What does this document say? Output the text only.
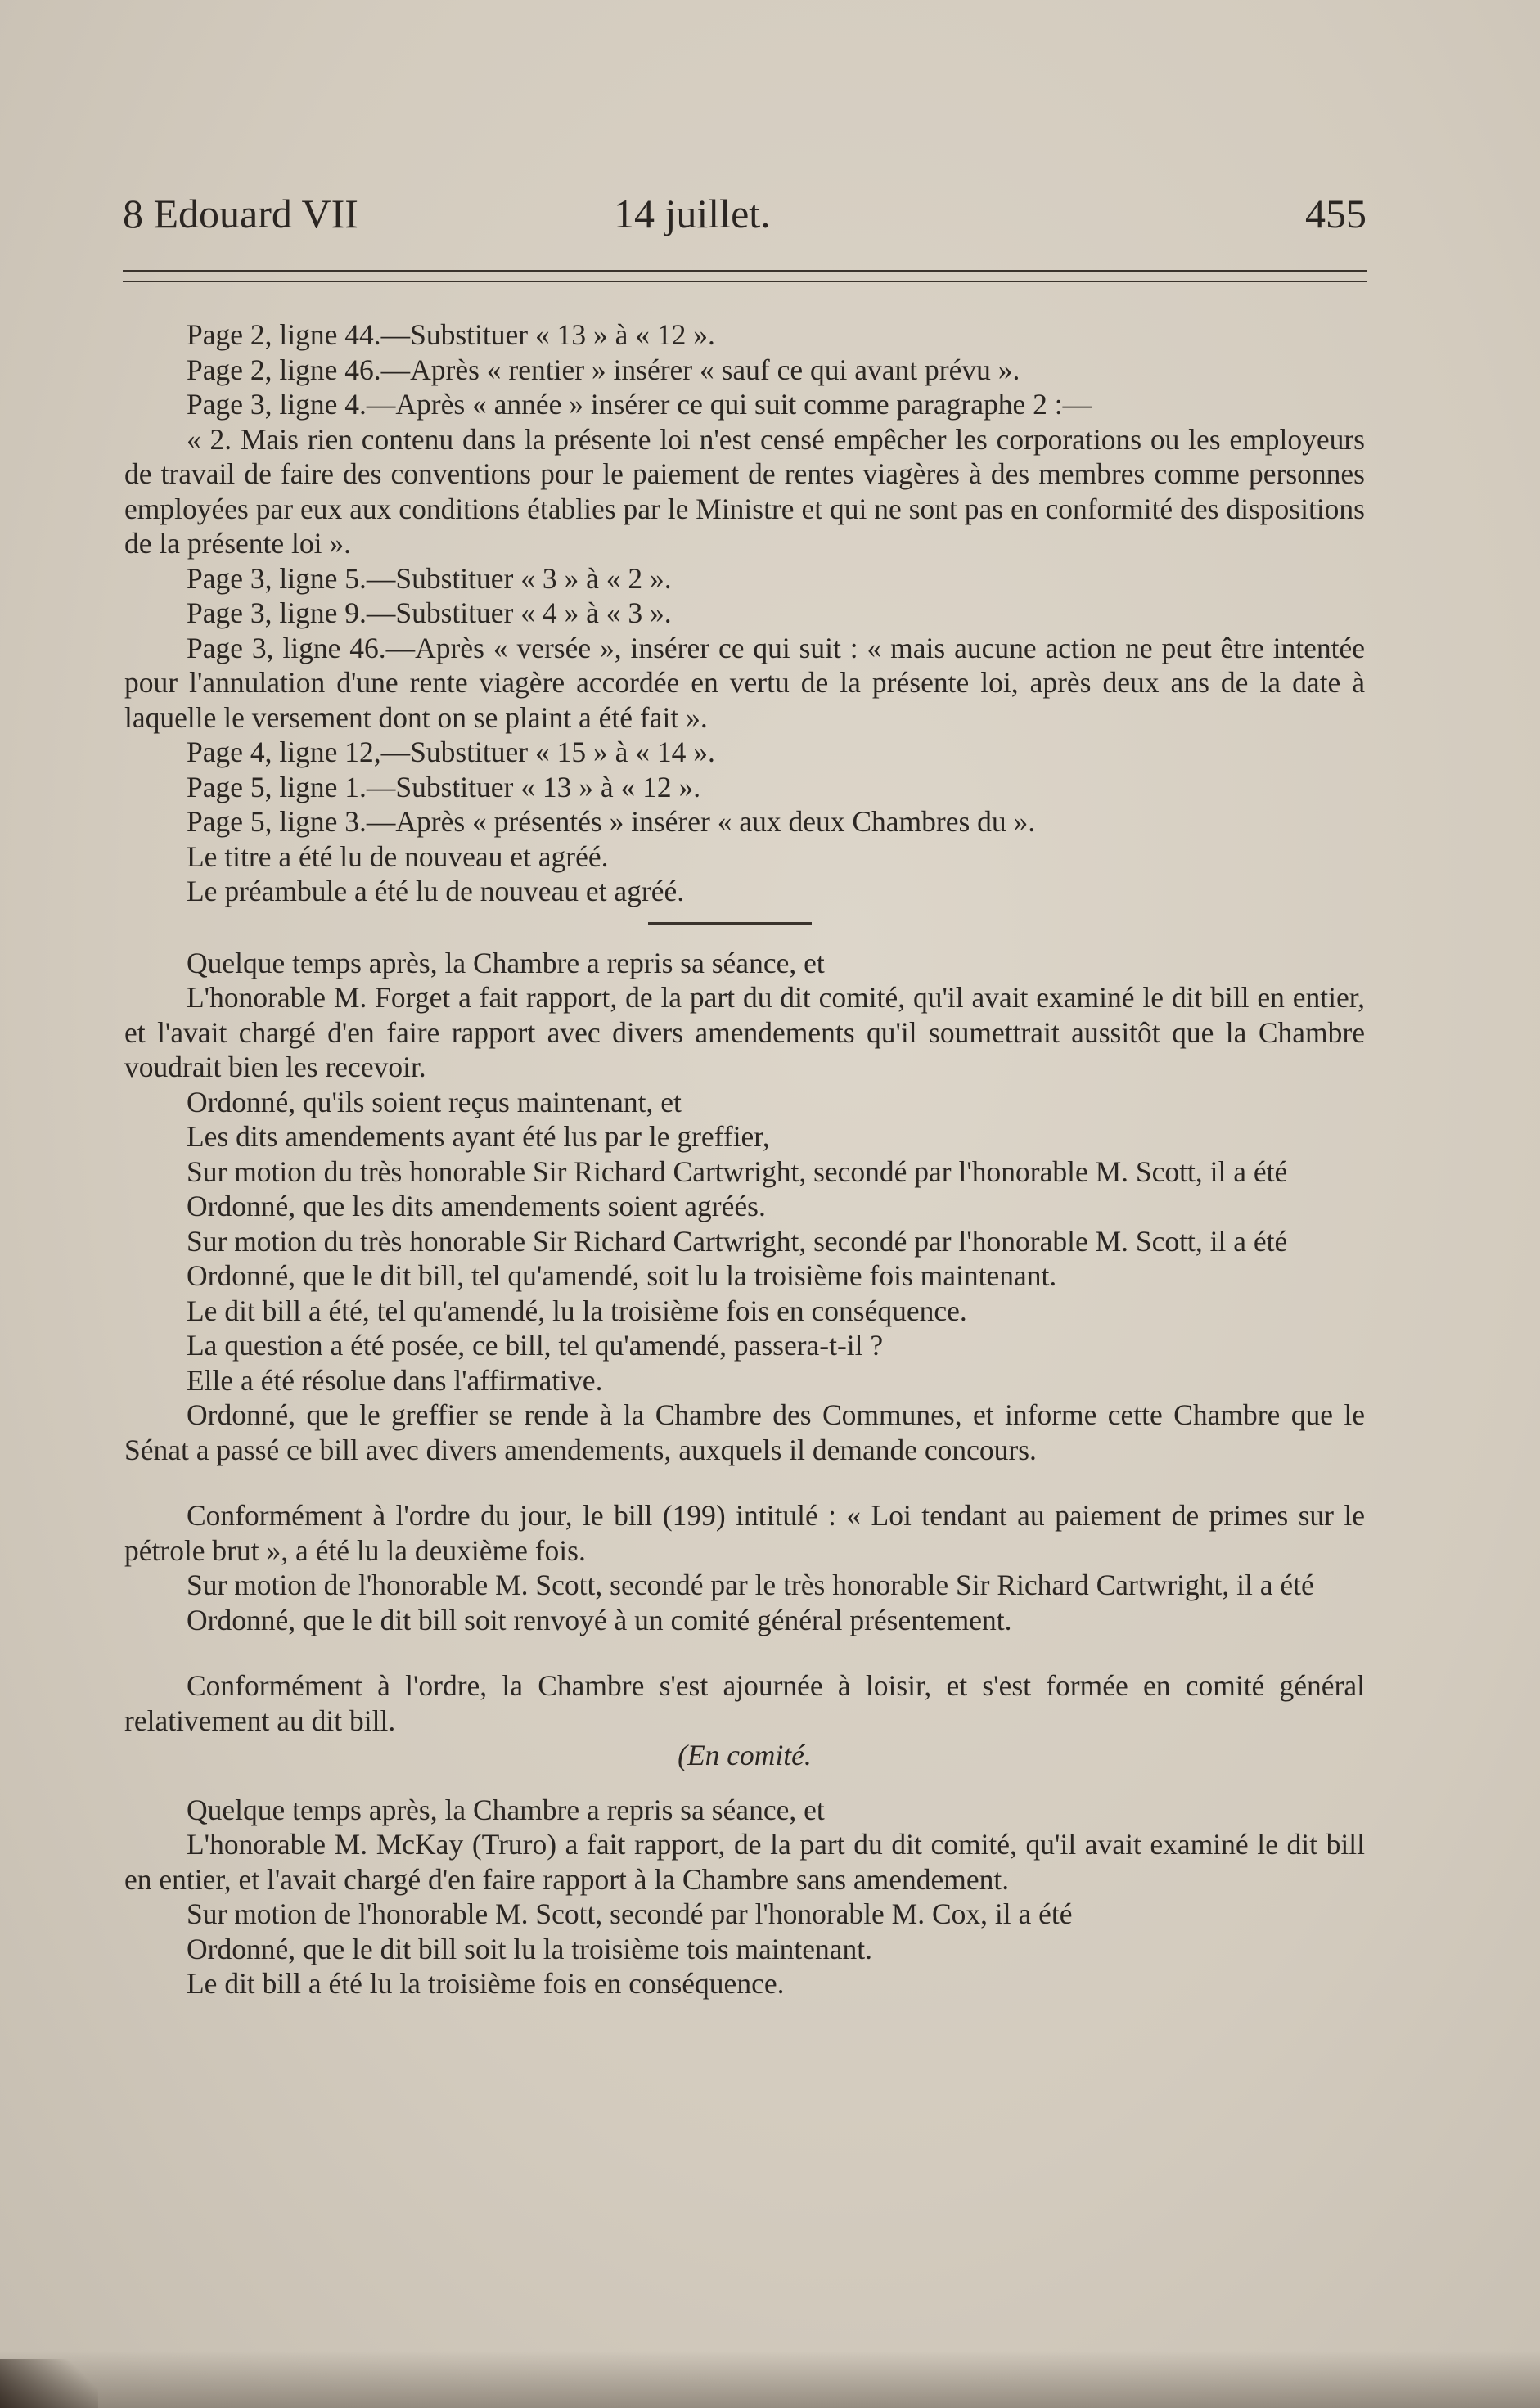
8 Edouard VII	14 juillet.	455

Page 2, ligne 44.—Substituer « 13 » à « 12 ».

Page 2, ligne 46.—Après « rentier » insérer « sauf ce qui avant prévu ».

Page 3, ligne 4.—Après « année » insérer ce qui suit comme paragraphe 2 :—

« 2. Mais rien contenu dans la présente loi n'est censé empêcher les corporations ou les employeurs de travail de faire des conventions pour le paiement de rentes viagères à des membres comme personnes employées par eux aux conditions établies par le Ministre et qui ne sont pas en conformité des dispositions de la présente loi ».

Page 3, ligne 5.—Substituer « 3 » à « 2 ».

Page 3, ligne 9.—Substituer « 4 » à « 3 ».

Page 3, ligne 46.—Après « versée », insérer ce qui suit : « mais aucune action ne peut être intentée pour l'annulation d'une rente viagère accordée en vertu de la présente loi, après deux ans de la date à laquelle le versement dont on se plaint a été fait ».

Page 4, ligne 12,—Substituer « 15 » à « 14 ».

Page 5, ligne 1.—Substituer « 13 » à « 12 ».

Page 5, ligne 3.—Après « présentés » insérer « aux deux Chambres du ».

Le titre a été lu de nouveau et agréé.

Le préambule a été lu de nouveau et agréé.

Quelque temps après, la Chambre a repris sa séance, et

L'honorable M. Forget a fait rapport, de la part du dit comité, qu'il avait examiné le dit bill en entier, et l'avait chargé d'en faire rapport avec divers amendements qu'il soumettrait aussitôt que la Chambre voudrait bien les recevoir.

Ordonné, qu'ils soient reçus maintenant, et

Les dits amendements ayant été lus par le greffier,

Sur motion du très honorable Sir Richard Cartwright, secondé par l'honorable M. Scott, il a été

Ordonné, que les dits amendements soient agréés.

Sur motion du très honorable Sir Richard Cartwright, secondé par l'honorable M. Scott, il a été

Ordonné, que le dit bill, tel qu'amendé, soit lu la troisième fois maintenant.

Le dit bill a été, tel qu'amendé, lu la troisième fois en conséquence.

La question a été posée, ce bill, tel qu'amendé, passera-t-il ?

Elle a été résolue dans l'affirmative.

Ordonné, que le greffier se rende à la Chambre des Communes, et informe cette Chambre que le Sénat a passé ce bill avec divers amendements, auxquels il demande concours.

Conformément à l'ordre du jour, le bill (199) intitulé : « Loi tendant au paiement de primes sur le pétrole brut », a été lu la deuxième fois.

Sur motion de l'honorable M. Scott, secondé par le très honorable Sir Richard Cartwright, il a été

Ordonné, que le dit bill soit renvoyé à un comité général présentement.

Conformément à l'ordre, la Chambre s'est ajournée à loisir, et s'est formée en comité général relativement au dit bill.

(En comité.

Quelque temps après, la Chambre a repris sa séance, et

L'honorable M. McKay (Truro) a fait rapport, de la part du dit comité, qu'il avait examiné le dit bill en entier, et l'avait chargé d'en faire rapport à la Chambre sans amendement.

Sur motion de l'honorable M. Scott, secondé par l'honorable M. Cox, il a été

Ordonné, que le dit bill soit lu la troisième tois maintenant.

Le dit bill a été lu la troisième fois en conséquence.
